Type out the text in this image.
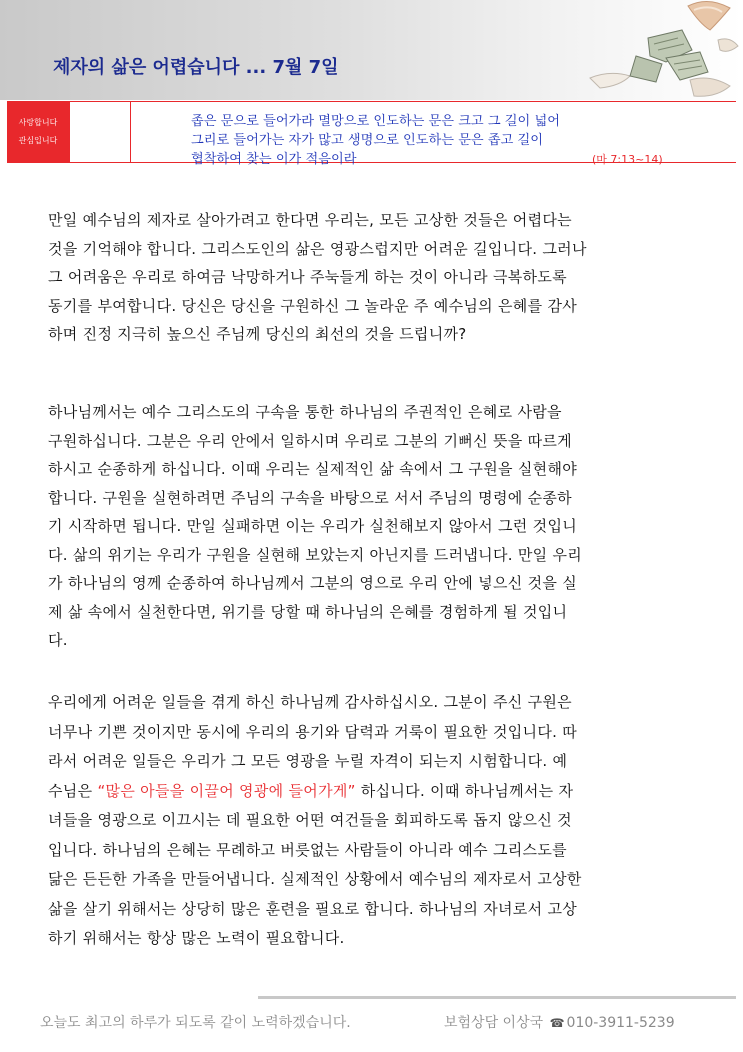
제자의 삶은 어렵습니다 ... 7월 7일
사랑합니다
관심입니다
좁은 문으로 들어가라 멸망으로 인도하는 문은 크고 그 길이 넓어
그리로 들어가는 자가 많고 생명으로 인도하는 문은 좁고 길이
협착하여 찾는 이가 적음이라	(마 7:13~14)
만일 예수님의 제자로 살아가려고 한다면 우리는, 모든 고상한 것들은 어렵다는
것을 기억해야 합니다. 그리스도인의 삶은 영광스럽지만 어려운 길입니다. 그러나
그 어려움은 우리로 하여금 낙망하거나 주눅들게 하는 것이 아니라 극복하도록
동기를 부여합니다. 당신은 당신을 구원하신 그 놀라운 주 예수님의 은혜를 감사
하며 진정 지극히 높으신 주님께 당신의 최선의 것을 드립니까?
하나님께서는 예수 그리스도의 구속을 통한 하나님의 주권적인 은혜로 사람을
구원하십니다. 그분은 우리 안에서 일하시며 우리로 그분의 기뻐신 뜻을 따르게
하시고 순종하게 하십니다. 이때 우리는 실제적인 삶 속에서 그 구원을 실현해야
합니다. 구원을 실현하려면 주님의 구속을 바탕으로 서서 주님의 명령에 순종하
기 시작하면 됩니다. 만일 실패하면 이는 우리가 실천해보지 않아서 그런 것입니
다. 삶의 위기는 우리가 구원을 실현해 보았는지 아닌지를 드러냅니다. 만일 우리
가 하나님의 영께 순종하여 하나님께서 그분의 영으로 우리 안에 넣으신 것을 실
제 삶 속에서 실천한다면, 위기를 당할 때 하나님의 은혜를 경험하게 될 것입니
다.
우리에게 어려운 일들을 겪게 하신 하나님께 감사하십시오. 그분이 주신 구원은
너무나 기쁜 것이지만 동시에 우리의 용기와 담력과 거룩이 필요한 것입니다. 따
라서 어려운 일들은 우리가 그 모든 영광을 누릴 자격이 되는지 시험합니다. 예
수님은 “많은 아들을 이끌어 영광에 들어가게” 하십니다. 이때 하나님께서는 자
녀들을 영광으로 이끄시는 데 필요한 어떤 여건들을 회피하도록 돕지 않으신 것
입니다. 하나님의 은혜는 무례하고 버릇없는 사람들이 아니라 예수 그리스도를
닮은 든든한 가족을 만들어냅니다. 실제적인 상황에서 예수님의 제자로서 고상한
삶을 살기 위해서는 상당히 많은 훈련을 필요로 합니다. 하나님의 자녀로서 고상
하기 위해서는 항상 많은 노력이 필요합니다.
오늘도 최고의 하루가 되도록 같이 노력하겠습니다.	보험상담 이상국 ☎ 010-3911-5239
